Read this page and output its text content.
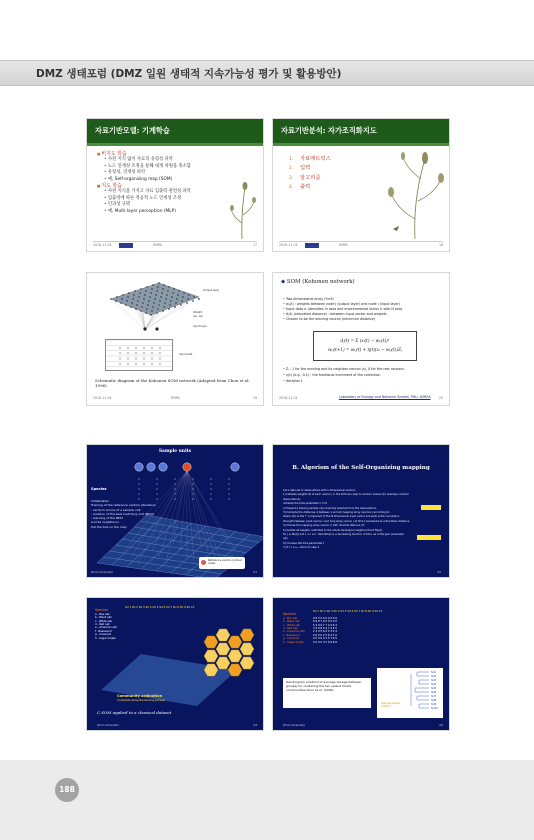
DMZ 생태포럼 (DMZ 일원 생태적 지속가능성 평가 및 활용방안)
자료기반모델: 기계학습
■ 비지도 학습
• 사전 지식 없이 자료의 유형성 파악
• 노드 연계성 조정을 통해 대개 차원을 축소함
• 유형성, 연계성 파악
• 예, Self-organizing map (SOM)
■ 지도 학습
• 사전 지식을 가지고 자료 입출력 관련성 파악
• 입출력에 따른 적응적 노드 연계성 조정
• 인과성 규명
• 예, Multi-layer perceptron (MLP)
2016-11-04	KMPA	17
자료기반분석: 자가조직화지도
1. 자료매트릭스
2. 입력
3. 알고리즘
4. 출력
2016-11-04	KMPA	18
Output layer
Weight
(w₁, w₂)
Input layer
Input data
Schematic diagram of the Kohonen SOM network (Adapted from Chon et al. 1996)
2016-11-04	KMPA	19
◆ SOM (Kohonen network)
• Two-dimensional array (9×9)
• wᵢⱼ(t) : weights between node j (output layer) and node i (input layer)
• Input data xᵢ (densities in taxa and environmental factor i) with N taxa
• dⱼ(t) (saturated distance) : between input vector and weights
• Chosen to be the winning neuron (minimum distance)
dⱼ(t) = Σ (xᵢ(t) − wᵢⱼ(t))²
wᵢⱼ(t+1) = wᵢⱼ(t) + η(t)(xᵢ − wᵢⱼ(t))Zⱼ
• Zⱼ : 1 for the winning and its neighbor neuron (s), 0 for the rest neurons
• η(t) (e.g., 0.1) : the fractional increment of the correction
• Iteration t
2016-11-04	Laboratory of Ecology and Behavior System, PNU, KOREA	20
Sample units
Species
Initialization
Training of the reference vectors (iterative)
- random choice of a sample unit
- location of the best matching unit (BMU)
- learning of the BMU
and its neighbours
Put the SUs on the map
Reference vectors (virtual units)
[from Giraudel]	21
B. Algorism of the Self-Organizing mapping
Let a data set of observations with n-dimensional vectors:
1) Initialize weights Wⱼ of each neuron j in the Kohonen map to random values (for example, random
observations).
Initialize the time parameter t: t=0
2) Present a training sample x(t) randomly selected from the observations.
3) Compute the distances dⱼ between x and all mapping array neurons j according to:
where xᵢ(t) is the iᵗʰ component of the N dimensional input vector and wᵢⱼ(t) is the connection
strength between input neuron i and map array neuron j at time t expressed as a Euclidean distance.
4) Choose the mapping array neuron j* with minimal distance dⱼ*:
5) Update all weights, restricted to the actual topological neighbourhood NCⱼ(t):
for j ∈ NCⱼ(t) and 1 ≤ i ≤ n. Here NCⱼ(t) is a decreasing function of time, as is the gain parameter
η(t).
6) Increase the time parameter t
7) If t < tₘₐₓ, return to step 2
22
SU 1 SU 2 SU 3 SU 4 SU 5 SU 6 SU 7 SU 8 SU 9 SU 10
Species
a - Roe oak
b - Black oak
c - White oak
d - Red oak
e - American elm
f - Basswood
g - Ironwood
h - Sugar maple
Community ordination
(composite during the learning process)
C.SOM applied to a classical dataset
[from Giraudel]	23
SU 1 SU 2 SU 3 SU 4 SU 5 SU 6 SU 7 SU 8 SU 9 SU 10
Species
a - Bur oak	9 8 3 5 6 0 0 0 0 0
b - Black oak	8 9 8 7 0 0 0 0 0 0
c - White oak	5 4 9 9 7 7 4 6 6 3
d - Red oak	3 4 9 6 6 4 7 4 4 5
e - American elm	2 2 4 5 6 6 5 3 2 4
f - Basswood	0 0 0 0 2 5 6 4 7 6
g - Ironwood	0 0 0 0 0 3 5 7 6 5
h - Sugar maple	0 0 0 0 3 5 6 9 8 8
Dendrogram (method of average linkage between groups) for clustering the ten upland forest communities Chon et al. (1996)
SU1
SU2
SU3
SU4
SU5
SU6
SU7
SU8
SU9
SU10
Average linkage method
[from Giraudel]	24
188
